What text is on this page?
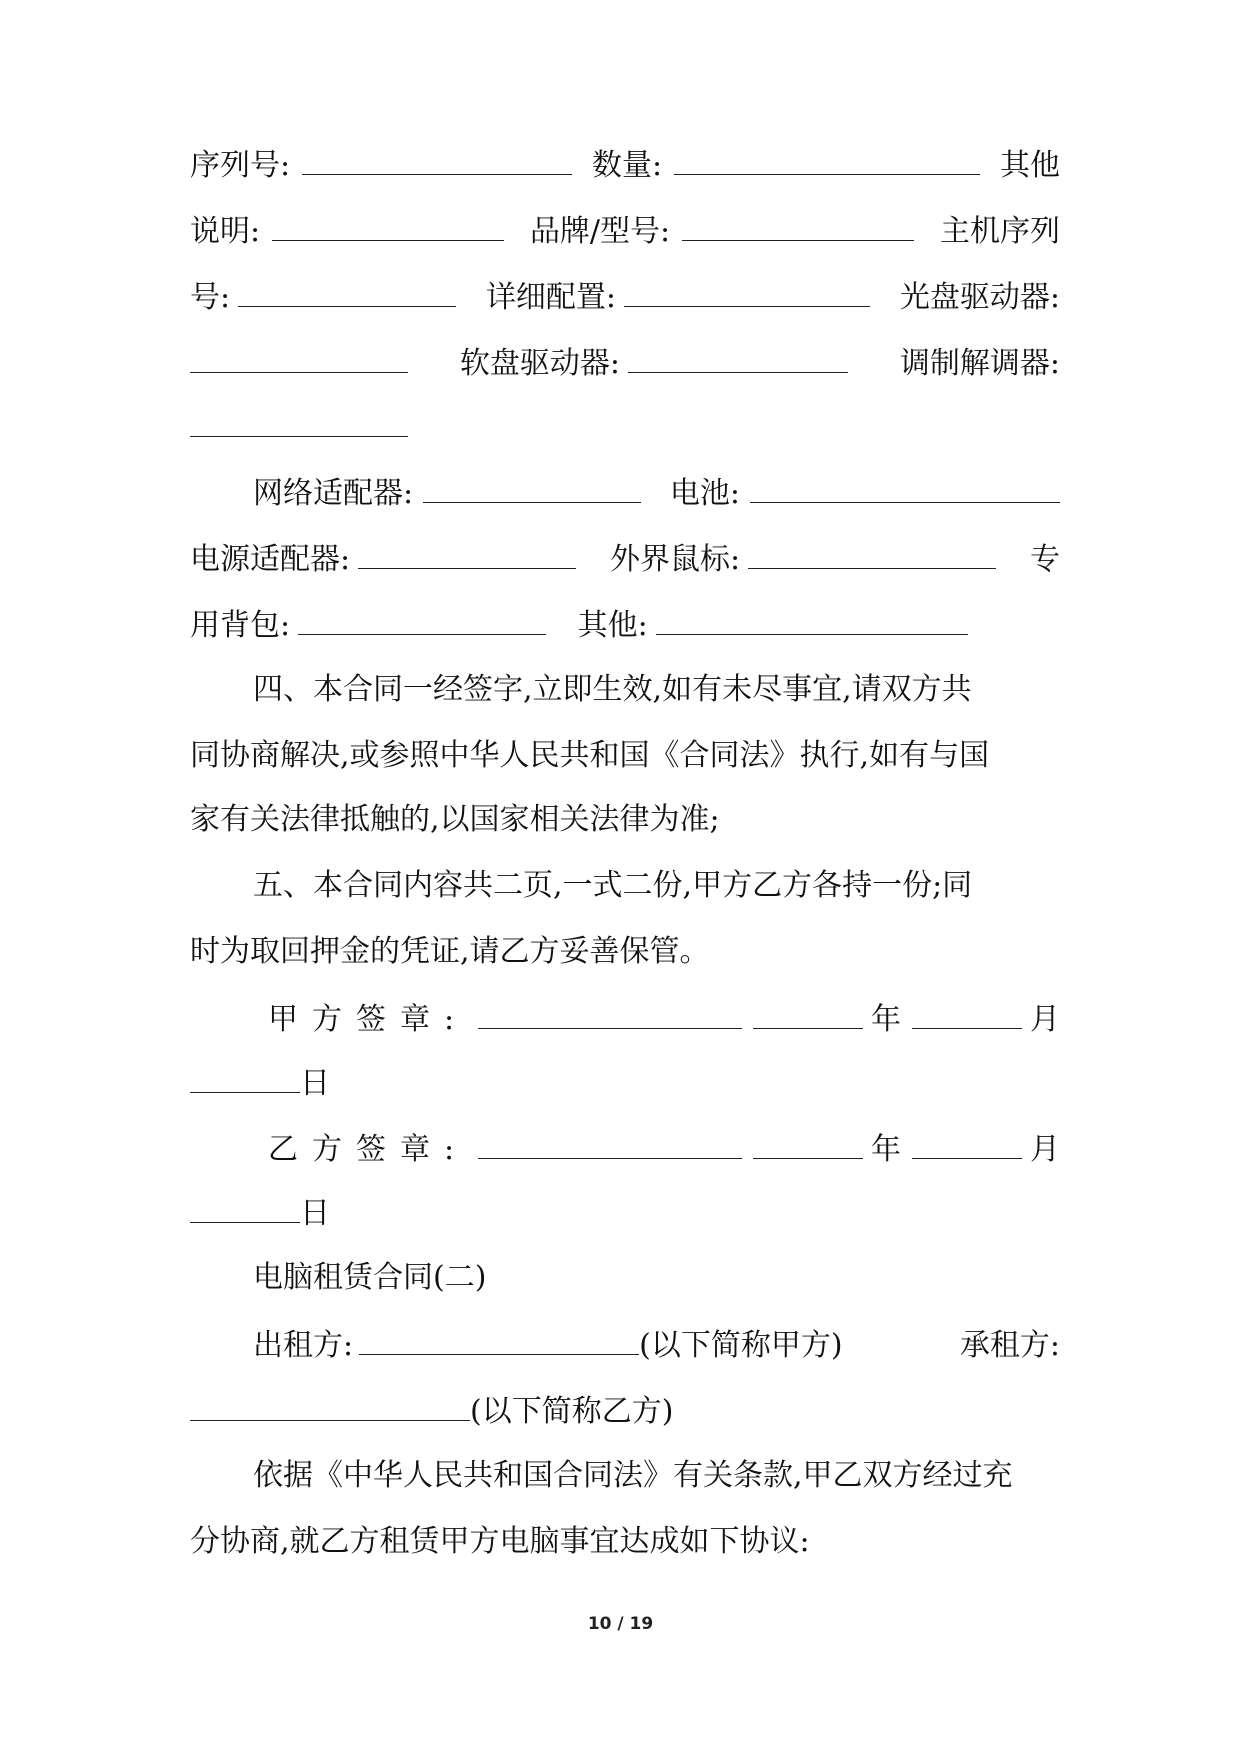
序列号:	数量:	其他
说明:	品牌/型号:	主机序列
号:	详细配置:	光盘驱动器:
软盘驱动器:	调制解调器:
网络适配器:	电池:
电源适配器:	外界鼠标:	专
用背包:
	其他:
四、本合同一经签字,立即生效,如有未尽事宜,请双方共
同协商解决,或参照中华人民共和国《合同法》执行,如有与国
家有关法律抵触的,以国家相关法律为准;
五、本合同内容共二页,一式二份,甲方乙方各持一份;同
时为取回押金的凭证,请乙方妥善保管。
甲方签章:	年	月
日
乙方签章:	年	月
日
电脑租赁合同(二)
出租方:	(以下简称甲方)	承租方:
(以下简称乙方)
依据《中华人民共和国合同法》有关条款,甲乙双方经过充
分协商,就乙方租赁甲方电脑事宜达成如下协议:
10 / 19
